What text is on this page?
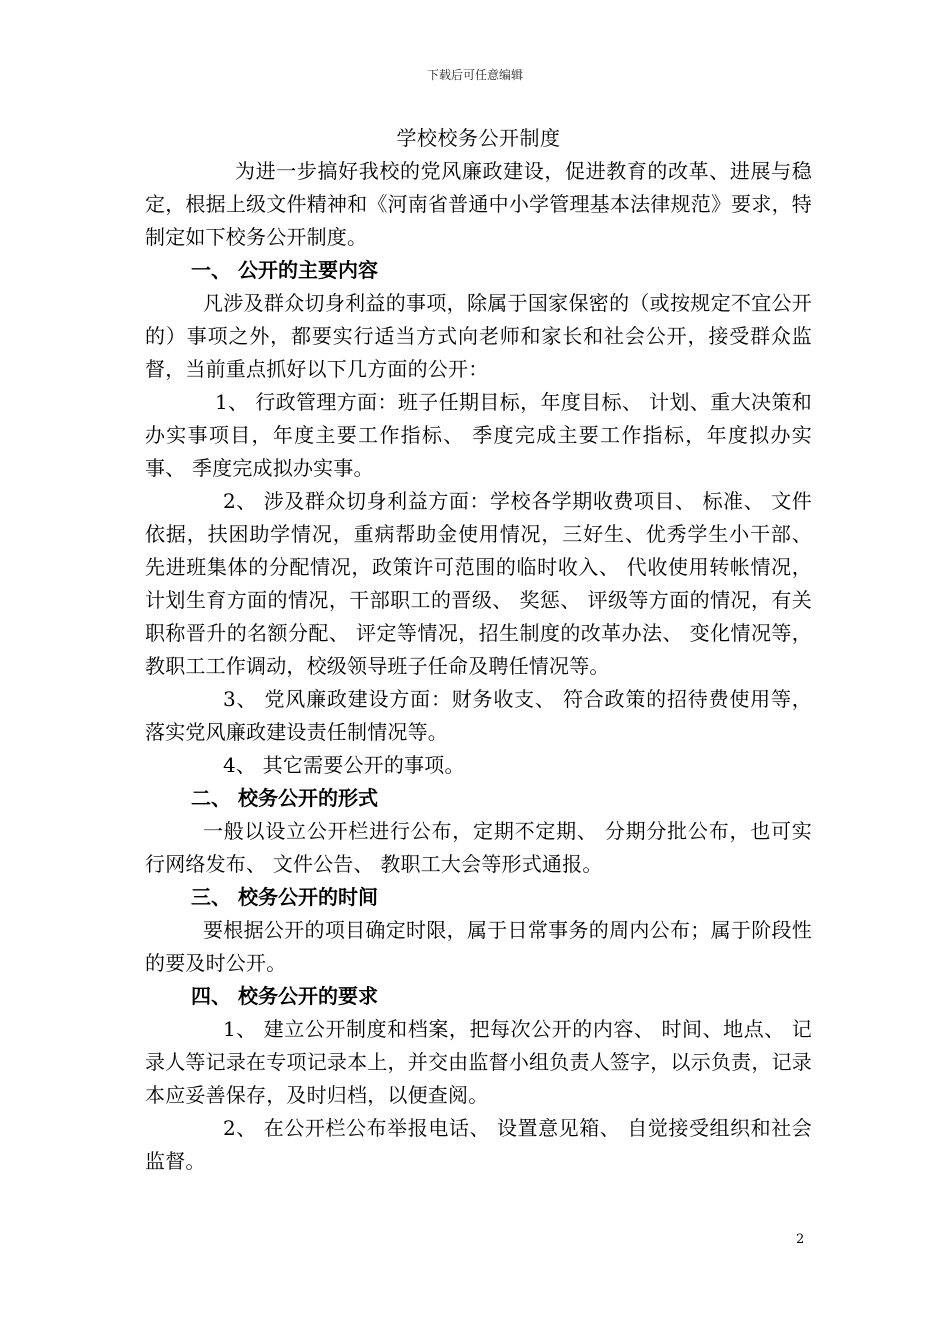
下载后可任意编辑

学校校务公开制度

为进一步搞好我校的党风廉政建设，促进教育的改革、进展与稳定，根据上级文件精神和《河南省普通中小学管理基本法律规范》要求，特制定如下校务公开制度。

一、 公开的主要内容

凡涉及群众切身利益的事项，除属于国家保密的（或按规定不宜公开的）事项之外，都要实行适当方式向老师和家长和社会公开，接受群众监督，当前重点抓好以下几方面的公开：

1、 行政管理方面：班子任期目标，年度目标、 计划、重大决策和办实事项目，年度主要工作指标、 季度完成主要工作指标，年度拟办实事、 季度完成拟办实事。

2、 涉及群众切身利益方面：学校各学期收费项目、 标准、 文件依据，扶困助学情况，重病帮助金使用情况，三好生、优秀学生小干部、 先进班集体的分配情况，政策许可范围的临时收入、 代收使用转帐情况，计划生育方面的情况，干部职工的晋级、 奖惩、 评级等方面的情况，有关职称晋升的名额分配、 评定等情况，招生制度的改革办法、 变化情况等，教职工工作调动，校级领导班子任命及聘任情况等。

3、 党风廉政建设方面：财务收支、 符合政策的招待费使用等，落实党风廉政建设责任制情况等。

4、 其它需要公开的事项。

二、 校务公开的形式

一般以设立公开栏进行公布，定期不定期、 分期分批公布，也可实行网络发布、 文件公告、 教职工大会等形式通报。

三、 校务公开的时间

要根据公开的项目确定时限，属于日常事务的周内公布；属于阶段性的要及时公开。

四、 校务公开的要求

1、 建立公开制度和档案，把每次公开的内容、 时间、地点、 记录人等记录在专项记录本上，并交由监督小组负责人签字，以示负责，记录本应妥善保存，及时归档，以便查阅。

2、 在公开栏公布举报电话、 设置意见箱、 自觉接受组织和社会监督。

2
